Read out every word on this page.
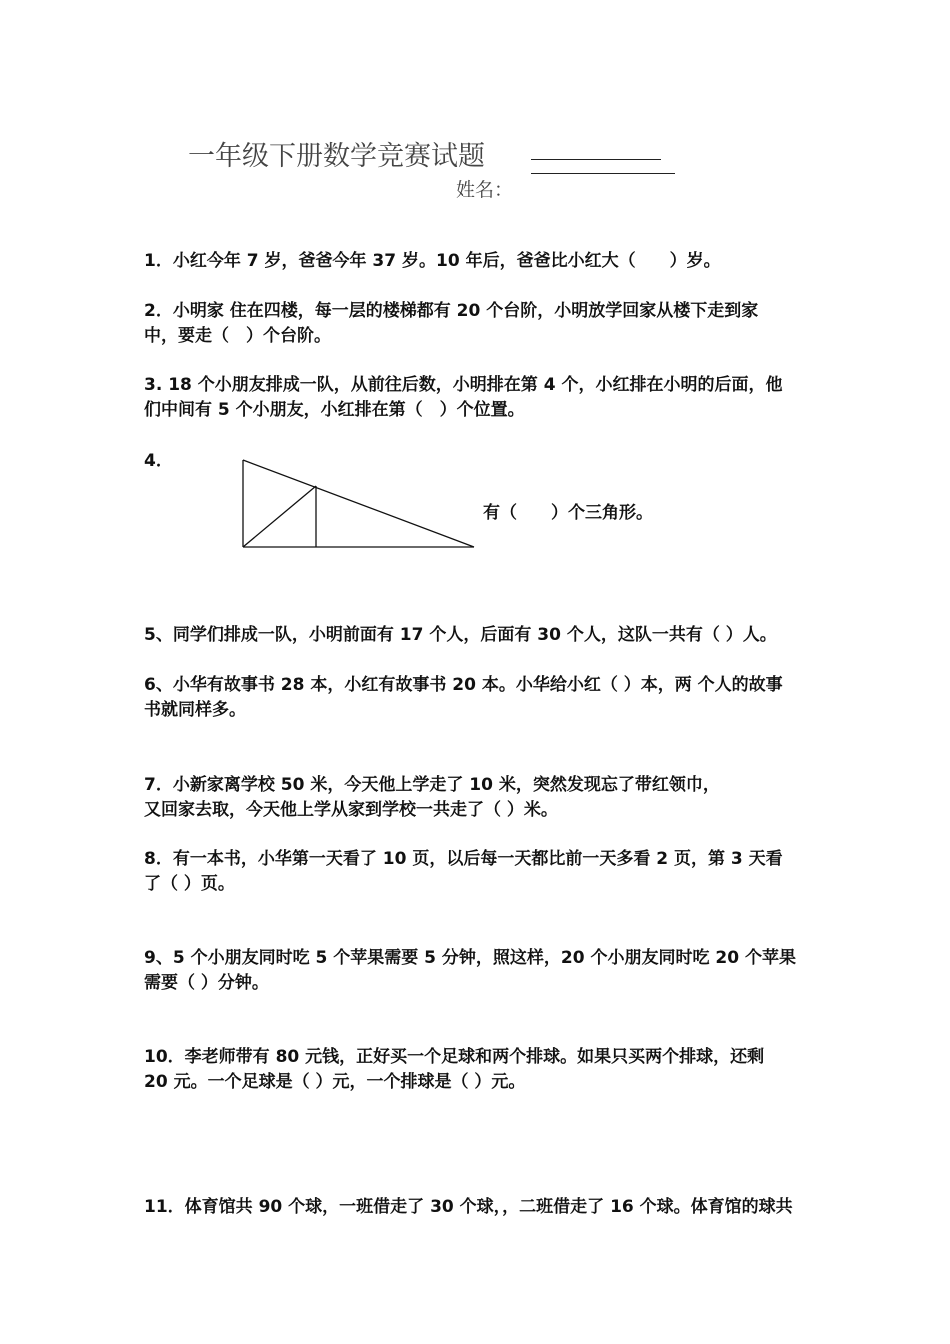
一年级下册数学竞赛试题
姓名：
1．小红今年 7 岁，爸爸今年 37 岁。10 年后，爸爸比小红大（　　）岁。
2．小明家 住在四楼，每一层的楼梯都有 20 个台阶，小明放学回家从楼下走到家
中，要走（　）个台阶。
3. 18 个小朋友排成一队，从前往后数，小明排在第 4 个，小红排在小明的后面，他
们中间有 5 个小朋友，小红排在第（　）个位置。
4．
有（　　）个三角形。
5、同学们排成一队，小明前面有 17 个人，后面有 30 个人，这队一共有（ ）人。
6、小华有故事书 28 本，小红有故事书 20 本。小华给小红（ ）本，两 个人的故事
书就同样多。
7．小新家离学校 50 米，今天他上学走了 10 米，突然发现忘了带红领巾，
又回家去取，今天他上学从家到学校一共走了（ ）米。
8．有一本书，小华第一天看了 10 页，以后每一天都比前一天多看 2 页，第 3 天看
了（ ）页。
9、5 个小朋友同时吃 5 个苹果需要 5 分钟，照这样，20 个小朋友同时吃 20 个苹果
需要（ ）分钟。
10．李老师带有 80 元钱，正好买一个足球和两个排球。如果只买两个排球，还剩
20 元。一个足球是（ ）元，一个排球是（ ）元。
11．体育馆共 90 个球，一班借走了 30 个球，，二班借走了 16 个球。体育馆的球共
